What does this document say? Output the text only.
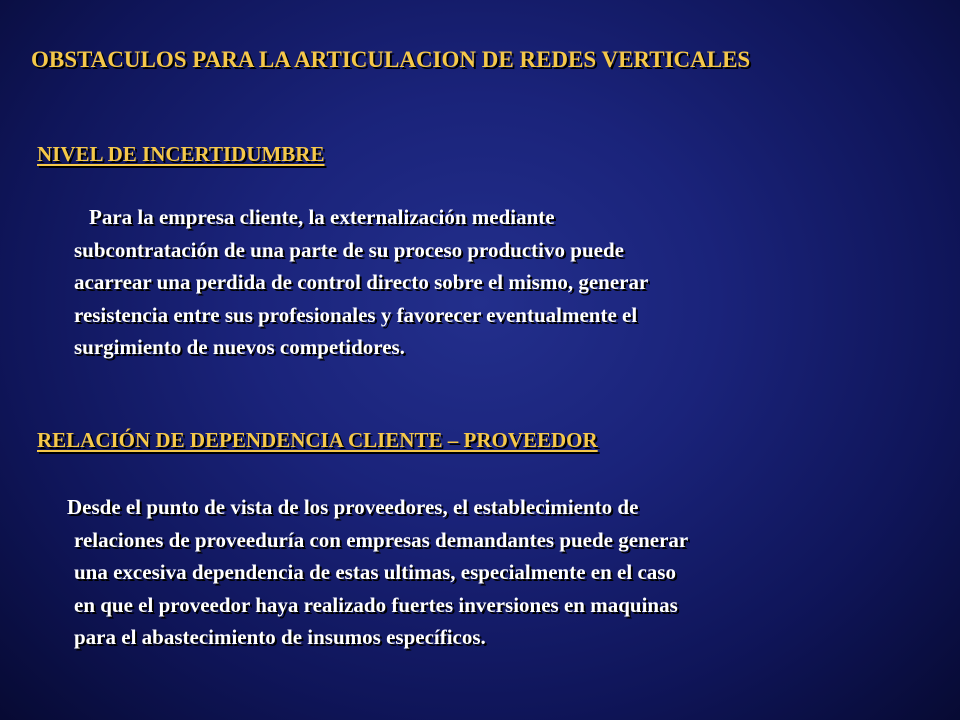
OBSTACULOS PARA LA ARTICULACION DE REDES VERTICALES
NIVEL DE INCERTIDUMBRE
Para la empresa cliente, la externalización mediante
subcontratación de una parte de su proceso productivo puede
acarrear una perdida de control directo sobre el mismo, generar
resistencia entre sus profesionales y favorecer eventualmente el
surgimiento de nuevos competidores.
RELACIÓN DE DEPENDENCIA CLIENTE – PROVEEDOR
Desde el punto de vista de los proveedores, el establecimiento de
relaciones de proveeduría con empresas demandantes puede generar
una excesiva dependencia de estas ultimas, especialmente en el caso
en que el proveedor haya realizado fuertes inversiones en maquinas
para el abastecimiento de insumos específicos.
